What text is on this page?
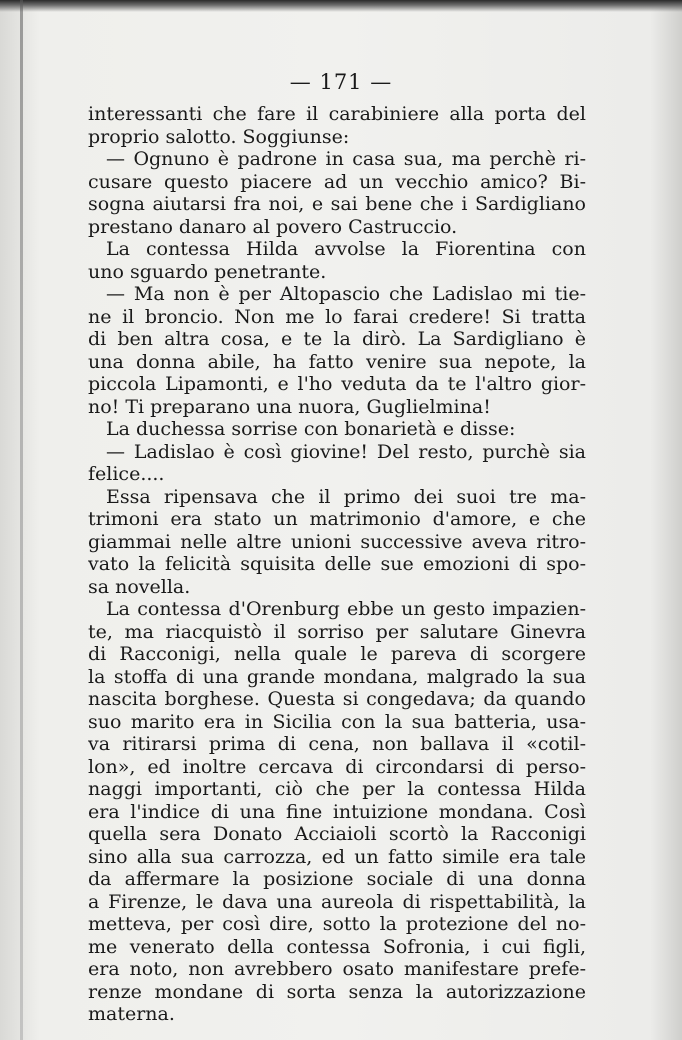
— 171 —
interessanti che fare il carabiniere alla porta del
proprio salotto. Soggiunse:
— Ognuno è padrone in casa sua, ma perchè ri-
cusare questo piacere ad un vecchio amico? Bi-
sogna aiutarsi fra noi, e sai bene che i Sardigliano
prestano danaro al povero Castruccio.
La contessa Hilda avvolse la Fiorentina con
uno sguardo penetrante.
— Ma non è per Altopascio che Ladislao mi tie-
ne il broncio. Non me lo farai credere! Si tratta
di ben altra cosa, e te la dirò. La Sardigliano è
una donna abile, ha fatto venire sua nepote, la
piccola Lipamonti, e l'ho veduta da te l'altro gior-
no! Ti preparano una nuora, Guglielmina!
La duchessa sorrise con bonarietà e disse:
— Ladislao è così giovine! Del resto, purchè sia
felice....
Essa ripensava che il primo dei suoi tre ma-
trimoni era stato un matrimonio d'amore, e che
giammai nelle altre unioni successive aveva ritro-
vato la felicità squisita delle sue emozioni di spo-
sa novella.
La contessa d'Orenburg ebbe un gesto impazien-
te, ma riacquistò il sorriso per salutare Ginevra
di Racconigi, nella quale le pareva di scorgere
la stoffa di una grande mondana, malgrado la sua
nascita borghese. Questa si congedava; da quando
suo marito era in Sicilia con la sua batteria, usa-
va ritirarsi prima di cena, non ballava il «cotil-
lon», ed inoltre cercava di circondarsi di perso-
naggi importanti, ciò che per la contessa Hilda
era l'indice di una fine intuizione mondana. Così
quella sera Donato Acciaioli scortò la Racconigi
sino alla sua carrozza, ed un fatto simile era tale
da affermare la posizione sociale di una donna
a Firenze, le dava una aureola di rispettabilità, la
metteva, per così dire, sotto la protezione del no-
me venerato della contessa Sofronia, i cui figli,
era noto, non avrebbero osato manifestare prefe-
renze mondane di sorta senza la autorizzazione
materna.
